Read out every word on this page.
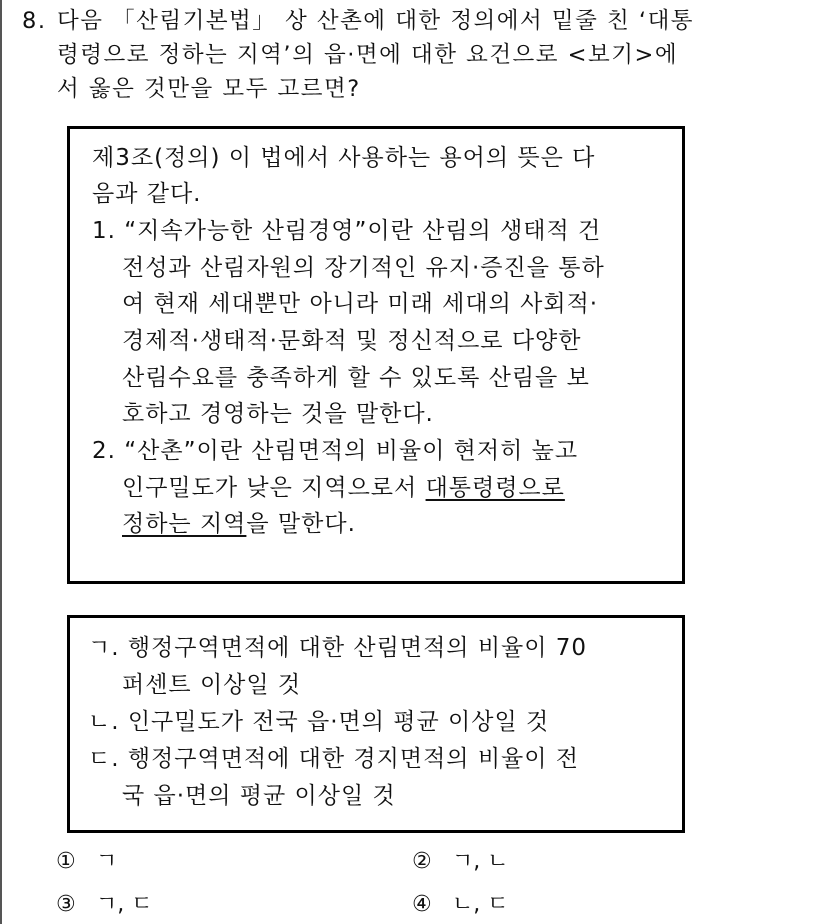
8. 다음 「산림기본법」 상 산촌에 대한 정의에서 밑줄 친 ‘대통
령령으로 정하는 지역’의 읍·면에 대한 요건으로 <보기>에
서 옳은 것만을 모두 고르면?
제3조(정의) 이 법에서 사용하는 용어의 뜻은 다
음과 같다.
1. “지속가능한 산림경영”이란 산림의 생태적 건
전성과 산림자원의 장기적인 유지·증진을 통하
여 현재 세대뿐만 아니라 미래 세대의 사회적·
경제적·생태적·문화적 및 정신적으로 다양한
산림수요를 충족하게 할 수 있도록 산림을 보
호하고 경영하는 것을 말한다.
2. “산촌”이란 산림면적의 비율이 현저히 높고
인구밀도가 낮은 지역으로서 대통령령으로
정하는 지역을 말한다.
ㄱ. 행정구역면적에 대한 산림면적의 비율이 70
퍼센트 이상일 것
ㄴ. 인구밀도가 전국 읍·면의 평균 이상일 것
ㄷ. 행정구역면적에 대한 경지면적의 비율이 전
국 읍·면의 평균 이상일 것
① ㄱ	② ㄱ, ㄴ
③ ㄱ, ㄷ	④ ㄴ, ㄷ
